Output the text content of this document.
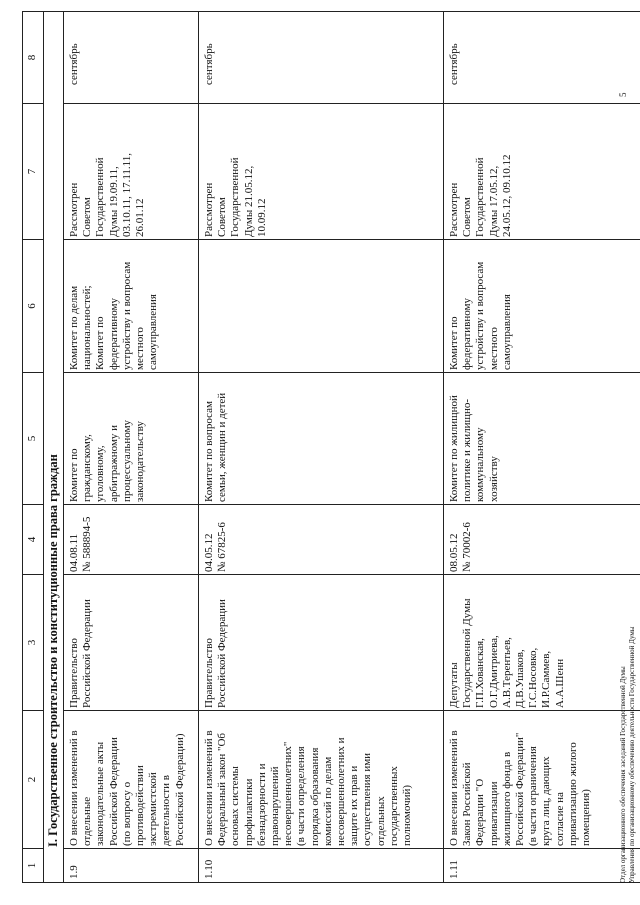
1
2
3
4
5
6
7
8
I. Государственное строительство и конституционные права граждан
1.9
О внесении изменений в
отдельные
законодательные акты
Российской Федерации
(по вопросу о
противодействии
экстремистской
деятельности в
Российской Федерации)
Правительство
Российской Федерации
04.08.11
№ 588894-5
Комитет по
гражданскому,
уголовному,
арбитражному и
процессуальному
законодательству
Комитет по делам
национальностей;
Комитет по
федеративному
устройству и вопросам
местного
самоуправления
Рассмотрен
Советом
Государственной
Думы 19.09.11,
03.10.11, 17.11.11,
26.01.12
сентябрь
1.10
О внесении изменений в
Федеральный закон "Об
основах системы
профилактики
безнадзорности и
правонарушений
несовершеннолетних"
(в части определения
порядка образования
комиссий по делам
несовершеннолетних и
защите их прав и
осуществления ими
отдельных
государственных
полномочий)
Правительство
Российской Федерации
04.05.12
№ 67825-6
Комитет по вопросам
семьи, женщин и детей
Рассмотрен
Советом
Государственной
Думы 21.05.12,
10.09.12
сентябрь
1.11
О внесении изменений в
Закон Российской
Федерации "О
приватизации
жилищного фонда в
Российской Федерации"
(в части ограничения
круга лиц, дающих
согласие на
приватизацию жилого
помещения)
Депутаты
Государственной Думы
Г.П.Хованская,
О.Г.Дмитриева,
А.В.Терентьев,
Д.В.Ушаков,
Г.С.Носовко,
И.Р.Саммев,
А.А.Шенн
08.05.12
№ 70002-6
Комитет по жилищной
политике и жилищно-
коммунальному
хозяйству
Комитет по
федеративному
устройству и вопросам
местного
самоуправления
Рассмотрен
Советом
Государственной
Думы 17.05.12,
24.05.12, 09.10.12
сентябрь
Отдел организационного обеспечения заседаний Государственной Думы
Управления по организационному обеспечению деятельности Государственной Думы
5
